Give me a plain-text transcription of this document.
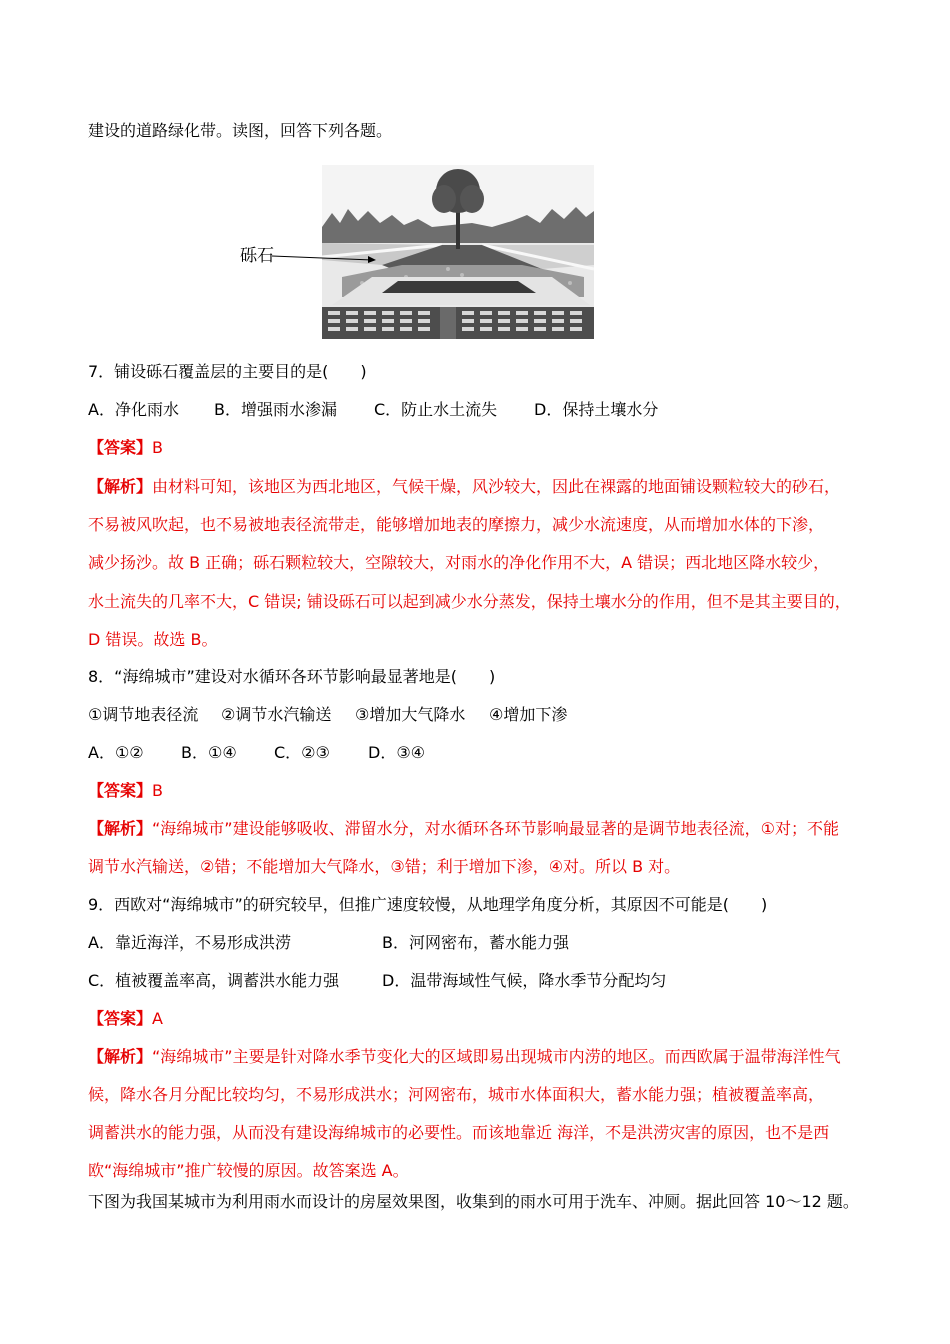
建设的道路绿化带。读图，回答下列各题。
砾石
7．铺设砾石覆盖层的主要目的是(　　)
A．净化雨水 B．增强雨水渗漏 C．防止水土流失 D．保持土壤水分
【答案】B
【解析】由材料可知，该地区为西北地区，气候干燥，风沙较大，因此在裸露的地面铺设颗粒较大的砂石，
不易被风吹起，也不易被地表径流带走，能够增加地表的摩擦力，减少水流速度，从而增加水体的下渗，
减少扬沙。故 B 正确；砾石颗粒较大，空隙较大，对雨水的净化作用不大，A 错误；西北地区降水较少，
水土流失的几率不大，C 错误; 铺设砾石可以起到减少水分蒸发，保持土壤水分的作用，但不是其主要目的，
D 错误。故选 B。
8．“海绵城市”建设对水循环各环节影响最显著地是(　　)
①调节地表径流 ②调节水汽输送 ③增加大气降水 ④增加下渗
A．①② B．①④ C．②③ D．③④
【答案】B
【解析】“海绵城市”建设能够吸收、滞留水分，对水循环各环节影响最显著的是调节地表径流，①对；不能
调节水汽输送，②错；不能增加大气降水，③错；利于增加下渗，④对。所以 B 对。
9．西欧对“海绵城市”的研究较早，但推广速度较慢，从地理学角度分析，其原因不可能是(　　)
A．靠近海洋，不易形成洪涝	B．河网密布，蓄水能力强
C．植被覆盖率高，调蓄洪水能力强	D．温带海域性气候，降水季节分配均匀
【答案】A
【解析】“海绵城市”主要是针对降水季节变化大的区域即易出现城市内涝的地区。而西欧属于温带海洋性气
候，降水各月分配比较均匀，不易形成洪水；河网密布，城市水体面积大，蓄水能力强；植被覆盖率高，
调蓄洪水的能力强，从而没有建设海绵城市的必要性。而该地靠近 海洋，不是洪涝灾害的原因，也不是西
欧“海绵城市”推广较慢的原因。故答案选 A。
下图为我国某城市为利用雨水而设计的房屋效果图，收集到的雨水可用于洗车、冲厕。据此回答 10～12 题。
